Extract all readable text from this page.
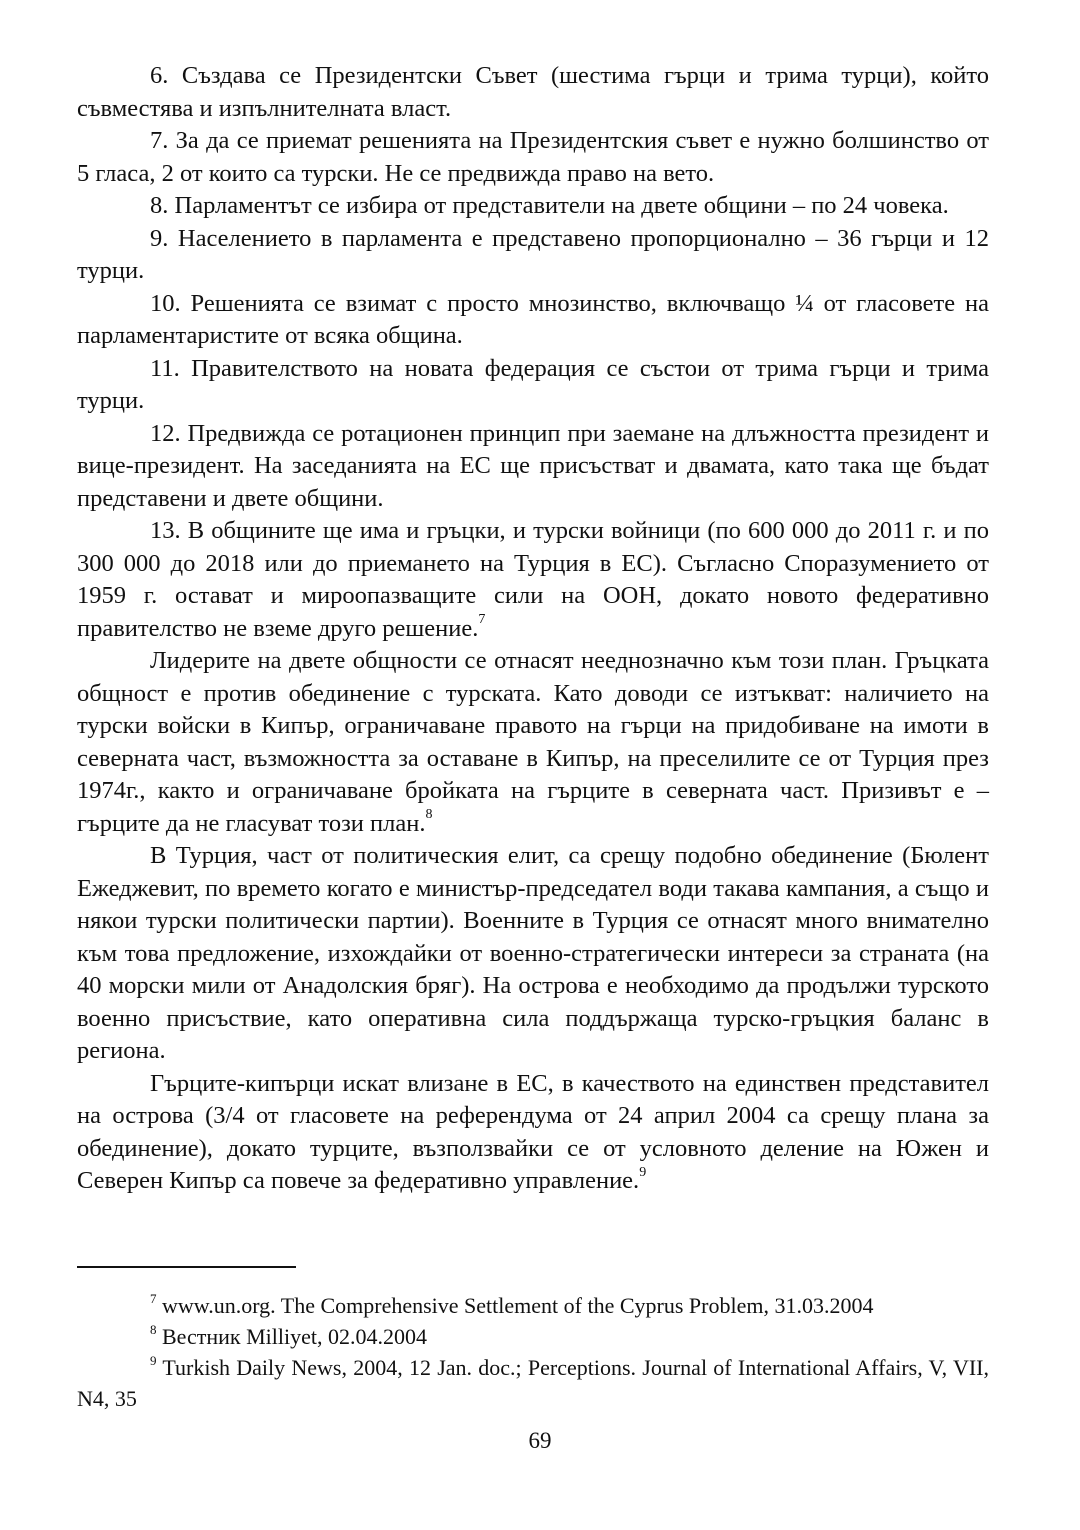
6. Създава се Президентски Съвет (шестима гърци и трима турци), който съвместява и изпълнителната власт.

7. За да се приемат решенията на Президентския съвет е нужно болшинство от 5 гласа, 2 от които са турски. Не се предвижда право на вето.

8. Парламентът се избира от представители на двете общини – по 24 човека.

9. Населението в парламента е представено пропорционално – 36 гърци и 12 турци.

10. Решенията се взимат с просто мнозинство, включващо ¼ от гласовете на парламентаристите от всяка община.

11. Правителството на новата федерация се състои от трима гърци и трима турци.

12. Предвижда се ротационен принцип при заемане на длъжността президент и вице-президент. На заседанията на ЕС ще присъстват и двамата, като така ще бъдат представени и двете общини.

13. В общините ще има и гръцки, и турски войници (по 600 000 до 2011 г. и по 300 000 до 2018 или до приемането на Турция в ЕС). Съгласно Споразумението от 1959 г. остават и мироопазващите сили на ООН, докато новото федеративно правителство не вземе друго решение.$^7$

Лидерите на двете общности се отнасят нееднозначно към този план. Гръцката общност е против обединение с турската. Като доводи се изтъкват: наличието на турски войски в Кипър, ограничаване правото на гърци на придобиване на имоти в северната част, възможността за оставане в Кипър, на преселилите се от Турция през 1974г., както и ограничаване бройката на гърците в северната част. Призивът е – гърците да не гласуват този план.$^8$

В Турция, част от политическия елит, са срещу подобно обединение (Бюлент Ежеджевит, по времето когато е министър-председател води такава кампания, а също и някои турски политически партии). Военните в Турция се отнасят много внимателно към това предложение, изхождайки от военно-стратегически интереси за страната (на 40 морски мили от Анадолския бряг). На острова е необходимо да продължи турското военно присъствие, като оперативна сила поддържаща турско-гръцкия баланс в региона.

Гърците-кипърци искат влизане в ЕС, в качеството на единствен представител на острова (3/4 от гласовете на референдума от 24 април 2004 са срещу плана за обединение), докато турците, възползвайки се от условното деление на Южен и Северен Кипър са повече за федеративно управление.$^9$

$^7$ www.un.org. The Comprehensive Settlement of the Cyprus Problem, 31.03.2004

$^8$ Вестник Milliyet, 02.04.2004

$^9$ Turkish Daily News, 2004, 12 Jan. doc.; Perceptions. Journal of International Affairs, V, VII, N4, 35

69
